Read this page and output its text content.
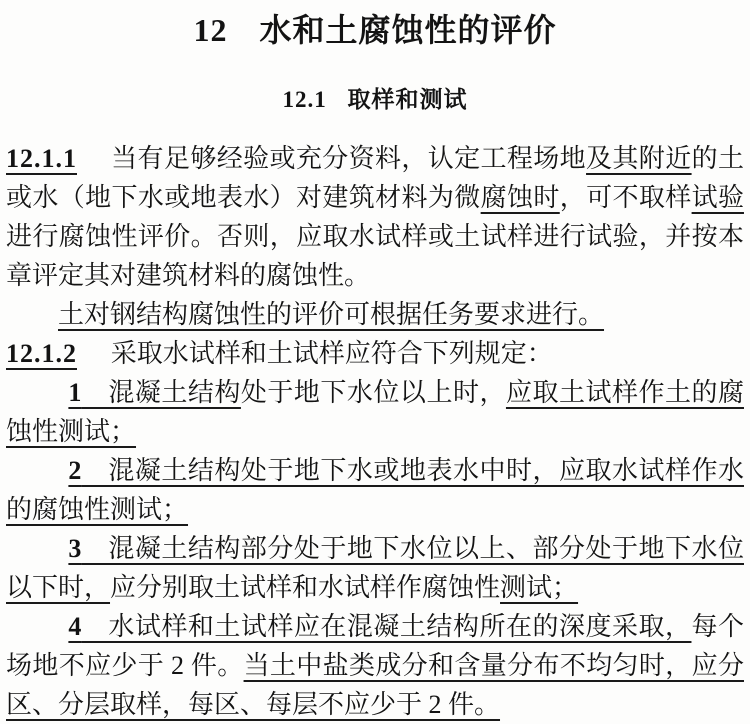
12 水和土腐蚀性的评价
12.1 取样和测试

12.1.1 当有足够经验或充分资料，认定工程场地及其附近的土或水（地下水或地表水）对建筑材料为微腐蚀时，可不取样试验进行腐蚀性评价。否则，应取水试样或土试样进行试验，并按本章评定其对建筑材料的腐蚀性。

土对钢结构腐蚀性的评价可根据任务要求进行。

12.1.2 采取水试样和土试样应符合下列规定：

1　混凝土结构处于地下水位以上时，应取土试样作土的腐蚀性测试；

2　混凝土结构处于地下水或地表水中时，应取水试样作水的腐蚀性测试；

3　混凝土结构部分处于地下水位以上、部分处于地下水位以下时，应分别取土试样和水试样作腐蚀性测试；

4　水试样和土试样应在混凝土结构所在的深度采取，每个场地不应少于 2 件。当土中盐类成分和含量分布不均匀时，应分区、分层取样，每区、每层不应少于 2 件。
